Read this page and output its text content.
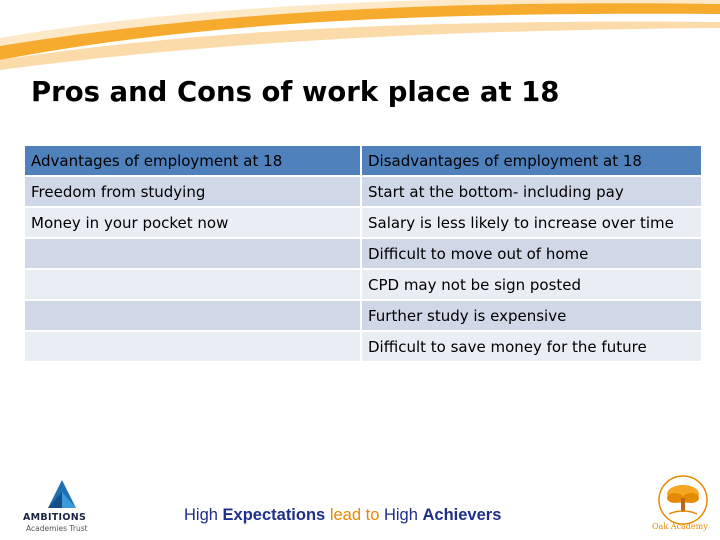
Pros and Cons of work place at 18
Advantages of employment at 18	Disadvantages of employment at 18
Freedom from studying	Start at the bottom- including pay
Money in your pocket now	Salary is less likely to increase over time
	Difficult to move out of home
	CPD may not be sign posted
	Further study is expensive
	Difficult to save money for the future
AMBITIONS
Academies Trust
High Expectations lead to High Achievers
Oak Academy
